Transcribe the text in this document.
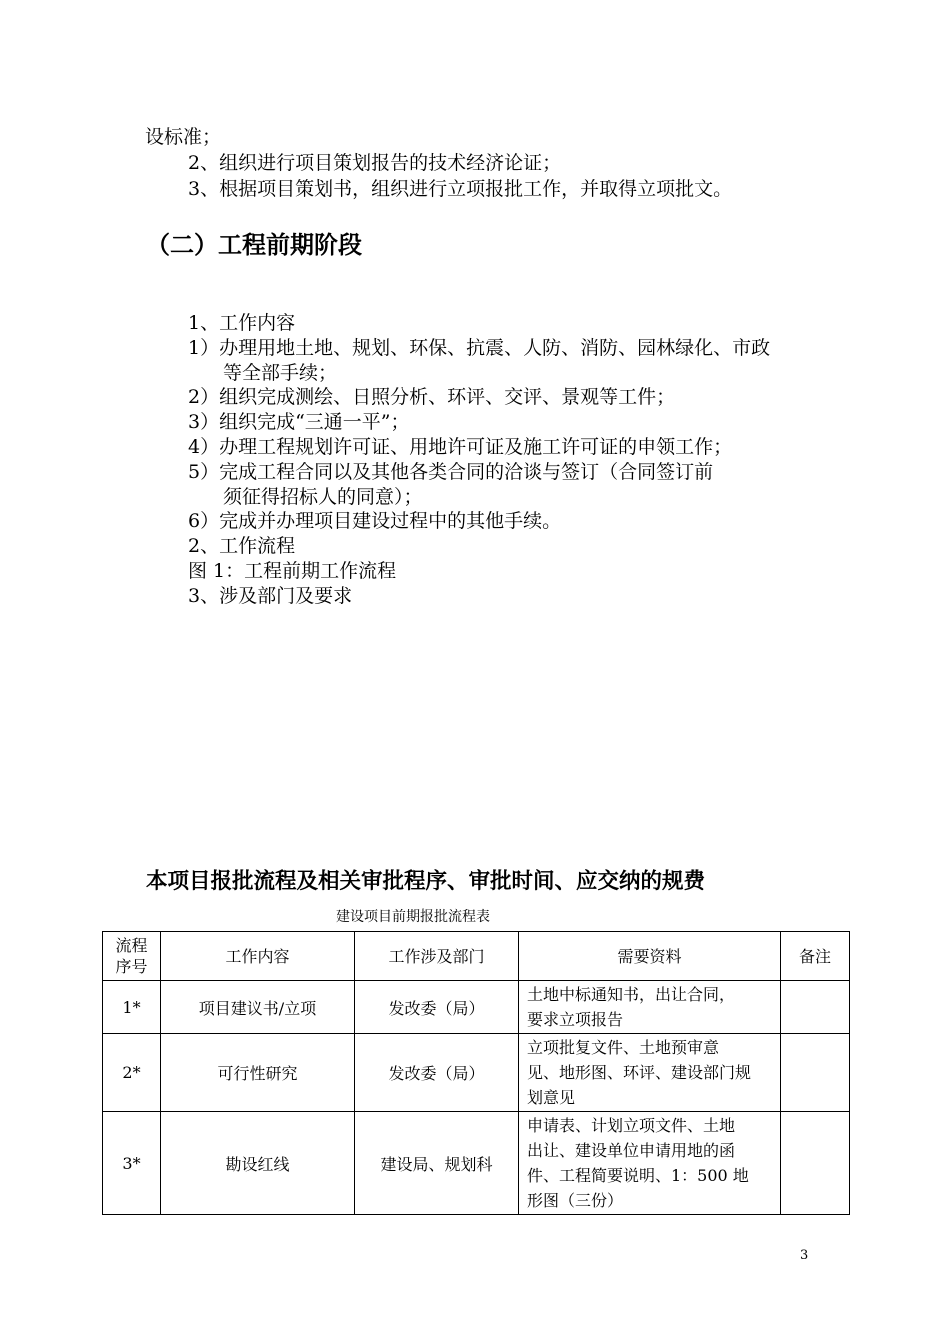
设标准；
2、组织进行项目策划报告的技术经济论证；
3、根据项目策划书，组织进行立项报批工作，并取得立项批文。
（二）工程前期阶段
1、工作内容
1）办理用地土地、规划、环保、抗震、人防、消防、园林绿化、市政
等全部手续；
2）组织完成测绘、日照分析、环评、交评、景观等工件；
3）组织完成“三通一平”；
4）办理工程规划许可证、用地许可证及施工许可证的申领工作；
5）完成工程合同以及其他各类合同的洽谈与签订（合同签订前
须征得招标人的同意）；
6）完成并办理项目建设过程中的其他手续。
2、工作流程
图 1：工程前期工作流程
3、涉及部门及要求
本项目报批流程及相关审批程序、审批时间、应交纳的规费
建设项目前期报批流程表
流程
序号	工作内容	工作涉及部门	需要资料	备注
1*	项目建议书/立项	发改委（局）	土地中标通知书，出让合同，
要求立项报告	
2*	可行性研究	发改委（局）	立项批复文件、土地预审意
见、地形图、环评、建设部门规
划意见	
3*	勘设红线	建设局、规划科	申请表、计划立项文件、土地
出让、建设单位申请用地的函
件、工程简要说明、1：500 地
形图（三份）	
3
